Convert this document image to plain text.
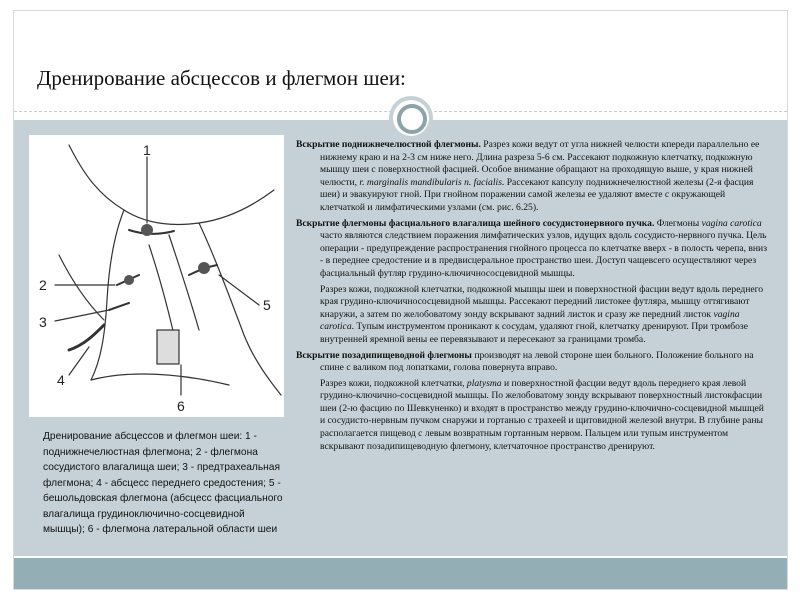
Дренирование абсцессов и флегмон шеи:
1
2
3
4
5
6
Дренирование абсцессов и флегмон шеи: 1 - поднижнечелюстная флегмона; 2 - флегмона сосудистого влагалища шеи; 3 - предтрахеальная флегмона; 4 - абсцесс переднего средостения; 5 - бешольдовская флегмона (абсцесс фасциального влагалища грудиноключично-сосцевидной мышцы); 6 - флегмона латеральной области шеи

Вскрытие поднижнечелюстной флегмоны. Разрез кожи ведут от угла нижней челюсти кпереди параллельно ее нижнему краю и на 2-3 см ниже него. Длина разреза 5-6 см. Рассекают подкожную клетчатку, подкожную мышцу шеи с поверхностной фасцией. Особое внимание обращают на проходящую выше, у края нижней челюсти, r. marginalis mandibularis n. facialis. Рассекают капсулу поднижнечелюстной железы (2-я фасция шеи) и эвакуируют гной. При гнойном поражении самой железы ее удаляют вместе с окружающей клетчаткой и лимфатическими узлами (см. рис. 6.25).

Вскрытие флегмоны фасциального влагалища шейного сосудистонервного пучка. Флегмоны vagina carotica часто являются следствием поражения лимфатических узлов, идущих вдоль сосудисто-нервного пучка. Цель операции - предупреждение распространения гнойного процесса по клетчатке вверх - в полость черепа, вниз - в переднее средостение и в предвисцеральное пространство шеи. Доступ чащевсего осуществляют через фасциальный футляр грудино-ключичнососцевидной мышцы.

Разрез кожи, подкожной клетчатки, подкожной мышцы шеи и поверхностной фасции ведут вдоль переднего края грудино-ключичнососцевидной мышцы. Рассекают передний листокее футляра, мышцу оттягивают кнаружи, а затем по желобоватому зонду вскрывают задний листок и сразу же передний листок vagina carotica. Тупым инструментом проникают к сосудам, удаляют гной, клетчатку дренируют. При тромбозе внутренней яремной вены ее перевязывают и пересекают за границами тромба.

Вскрытие позадипищеводной флегмоны производят на левой стороне шеи больного. Положение больного на спине с валиком под лопатками, голова повернута вправо.

Разрез кожи, подкожной клетчатки, platysma и поверхностной фасции ведут вдоль переднего края левой грудино-ключично-сосцевидной мышцы. По желобоватому зонду вскрывают поверхностный листокфасции шеи (2-ю фасцию по Шевкуненко) и входят в пространство между грудино-ключично-сосцевидной мышцей и сосудисто-нервным пучком снаружи и гортанью с трахеей и щитовидной железой внутри. В глубине раны располагается пищевод с левым возвратным гортанным нервом. Пальцем или тупым инструментом вскрывают позадипищеводную флегмону, клетчаточное пространство дренируют.
